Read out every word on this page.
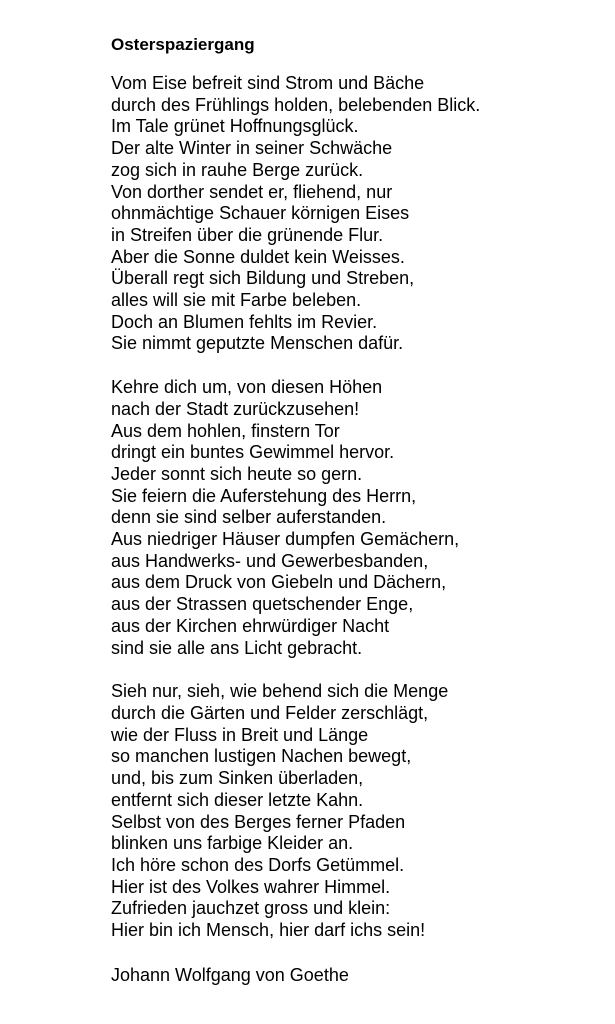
Osterspaziergang
Vom Eise befreit sind Strom und Bäche
durch des Frühlings holden, belebenden Blick.
Im Tale grünet Hoffnungsglück.
Der alte Winter in seiner Schwäche
zog sich in rauhe Berge zurück.
Von dorther sendet er, fliehend, nur
ohnmächtige Schauer körnigen Eises
in Streifen über die grünende Flur.
Aber die Sonne duldet kein Weisses.
Überall regt sich Bildung und Streben,
alles will sie mit Farbe beleben.
Doch an Blumen fehlts im Revier.
Sie nimmt geputzte Menschen dafür.
Kehre dich um, von diesen Höhen
nach der Stadt zurückzusehen!
Aus dem hohlen, finstern Tor
dringt ein buntes Gewimmel hervor.
Jeder sonnt sich heute so gern.
Sie feiern die Auferstehung des Herrn,
denn sie sind selber auferstanden.
Aus niedriger Häuser dumpfen Gemächern,
aus Handwerks- und Gewerbesbanden,
aus dem Druck von Giebeln und Dächern,
aus der Strassen quetschender Enge,
aus der Kirchen ehrwürdiger Nacht
sind sie alle ans Licht gebracht.
Sieh nur, sieh, wie behend sich die Menge
durch die Gärten und Felder zerschlägt,
wie der Fluss in Breit und Länge
so manchen lustigen Nachen bewegt,
und, bis zum Sinken überladen,
entfernt sich dieser letzte Kahn.
Selbst von des Berges ferner Pfaden
blinken uns farbige Kleider an.
Ich höre schon des Dorfs Getümmel.
Hier ist des Volkes wahrer Himmel.
Zufrieden jauchzet gross und klein:
Hier bin ich Mensch, hier darf ichs sein!
Johann Wolfgang von Goethe
